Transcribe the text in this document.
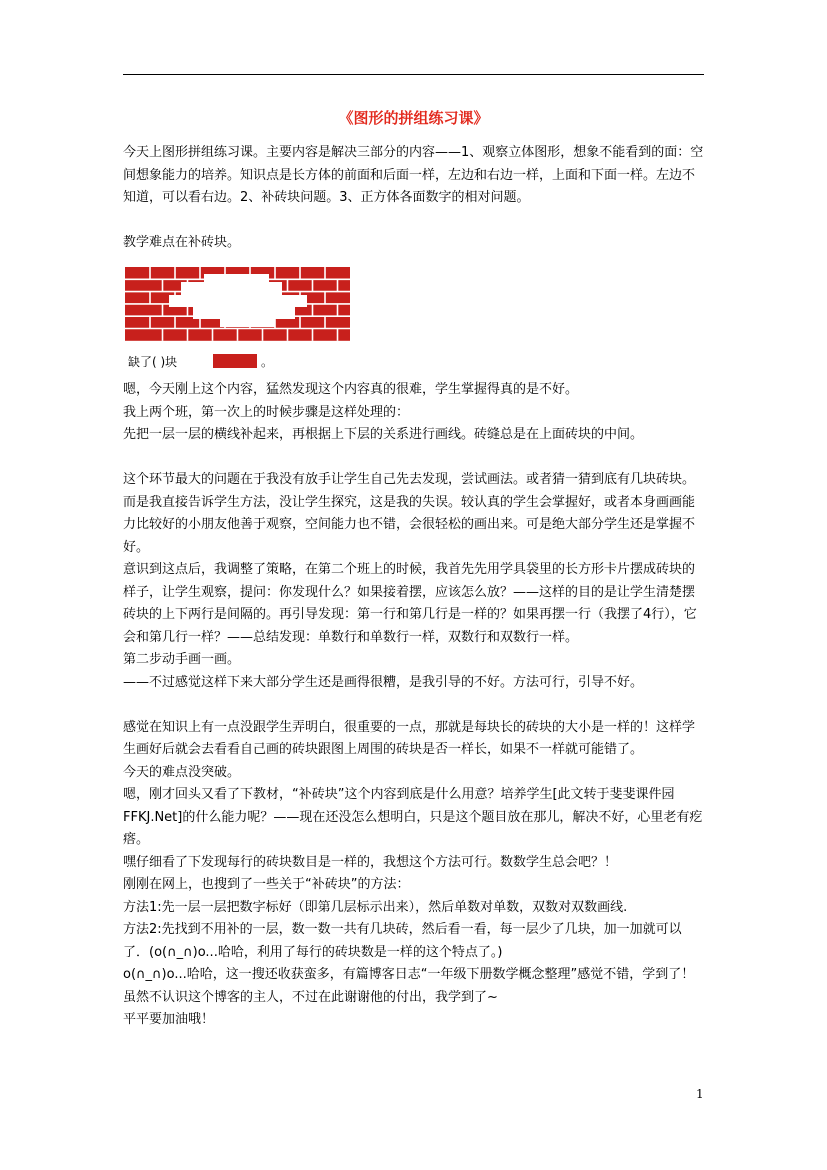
《图形的拼组练习课》

今天上图形拼组练习课。主要内容是解决三部分的内容——1、观察立体图形，想象不能看到的面：空间想象能力的培养。知识点是长方体的前面和后面一样，左边和右边一样，上面和下面一样。左边不知道，可以看右边。2、补砖块问题。3、正方体各面数字的相对问题。

教学难点在补砖块。

缺了( )块	。

嗯，今天刚上这个内容，猛然发现这个内容真的很难，学生掌握得真的是不好。

我上两个班，第一次上的时候步骤是这样处理的：

先把一层一层的横线补起来，再根据上下层的关系进行画线。砖缝总是在上面砖块的中间。

这个环节最大的问题在于我没有放手让学生自己先去发现，尝试画法。或者猜一猜到底有几块砖块。而是我直接告诉学生方法，没让学生探究，这是我的失误。较认真的学生会掌握好，或者本身画画能力比较好的小朋友他善于观察，空间能力也不错，会很轻松的画出来。可是绝大部分学生还是掌握不好。

意识到这点后，我调整了策略，在第二个班上的时候，我首先先用学具袋里的长方形卡片摆成砖块的样子，让学生观察，提问：你发现什么？如果接着摆，应该怎么放？——这样的目的是让学生清楚摆砖块的上下两行是间隔的。再引导发现：第一行和第几行是一样的？如果再摆一行（我摆了4行），它会和第几行一样？——总结发现：单数行和单数行一样，双数行和双数行一样。

第二步动手画一画。

——不过感觉这样下来大部分学生还是画得很糟，是我引导的不好。方法可行，引导不好。

感觉在知识上有一点没跟学生弄明白，很重要的一点，那就是每块长的砖块的大小是一样的！这样学生画好后就会去看看自己画的砖块跟图上周围的砖块是否一样长，如果不一样就可能错了。

今天的难点没突破。

嗯，刚才回头又看了下教材，“补砖块”这个内容到底是什么用意？培养学生[此文转于斐斐课件园 FFKJ.Net]的什么能力呢？——现在还没怎么想明白，只是这个题目放在那儿，解决不好，心里老有疙瘩。

嘿仔细看了下发现每行的砖块数目是一样的，我想这个方法可行。数数学生总会吧？！

刚刚在网上，也搜到了一些关于“补砖块”的方法：

方法1:先一层一层把数字标好（即第几层标示出来），然后单数对单数，双数对双数画线.

方法2:先找到不用补的一层，数一数一共有几块砖，然后看一看，每一层少了几块，加一加就可以了．(o(∩_∩)o...哈哈，利用了每行的砖块数是一样的这个特点了。)

o(∩_∩)o...哈哈，这一搜还收获蛮多，有篇博客日志“一年级下册数学概念整理”感觉不错，学到了！虽然不认识这个博客的主人，不过在此谢谢他的付出，我学到了~

平平要加油哦！

1
